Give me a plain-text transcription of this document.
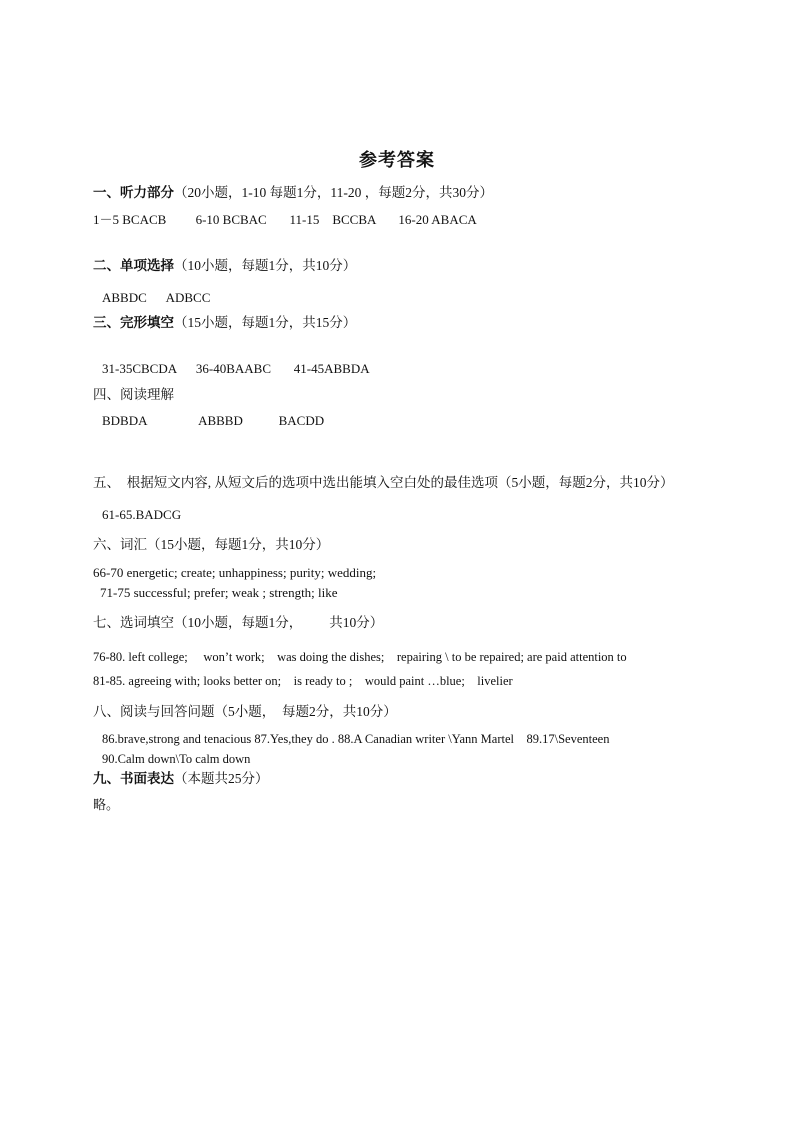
参考答案
一、听力部分（20小题，1-10 每题1分，11-20 ，每题2分，共30分）
1－5 BCACB         6-10 BCBAC       11-15    BCCBA       16-20 ABACA
二、单项选择（10小题，每题1分，共10分）
ABBDC      ADBCC
三、完形填空（15小题，每题1分，共15分）
31-35CBCDA      36-40BAABC       41-45ABBDA
四、阅读理解
BDBDA                ABBBD           BACDD
五、  根据短文内容, 从短文后的选项中选出能填入空白处的最佳选项（5小题，每题2分，共10分）
61-65.BADCG
六、词汇（15小题，每题1分，共10分）
66-70 energetic; create; unhappiness; purity; wedding;
71-75 successful; prefer; weak ; strength; like
七、选词填空（10小题，每题1分，        共10分）
76-80. left college;     won’t work;    was doing the dishes;    repairing \ to be repaired; are paid attention to
81-85. agreeing with; looks better on;    is ready to ;    would paint …blue;    livelier
八、阅读与回答问题（5小题，  每题2分，共10分）
86.brave,strong and tenacious 87.Yes,they do . 88.A Canadian writer \Yann Martel    89.17\Seventeen
90.Calm down\To calm down
九、书面表达（本题共25分）
略。
